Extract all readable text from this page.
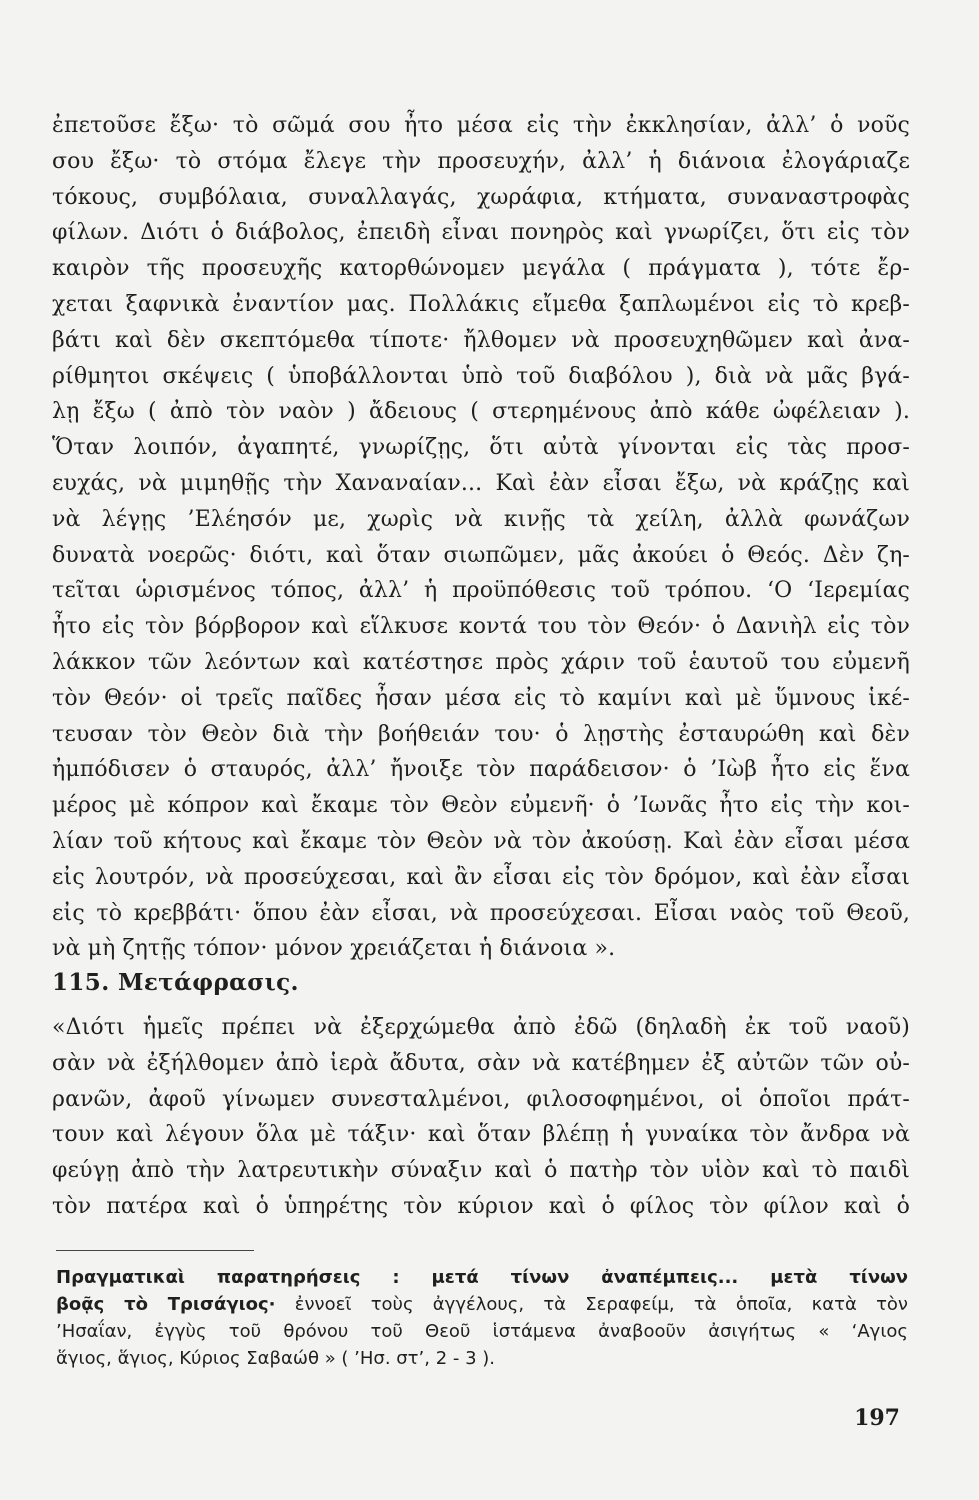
ἐπετοῦσε ἔξω· τὸ σῶμά σου ἦτο μέσα εἰς τὴν ἐκκλησίαν, ἀλλ’ ὁ νοῦς
σου ἔξω· τὸ στόμα ἔλεγε τὴν προσευχήν, ἀλλ’ ἡ διάνοια ἐλογάριαζε
τόκους, συμβόλαια, συναλλαγάς, χωράφια, κτήματα, συναναστροφὰς
φίλων. Διότι ὁ διάβολος, ἐπειδὴ εἶναι πονηρὸς καὶ γνωρίζει, ὅτι εἰς τὸν
καιρὸν τῆς προσευχῆς κατορθώνομεν μεγάλα ( πράγματα ), τότε ἔρ-
χεται ξαφνικὰ ἐναντίον μας. Πολλάκις εἴμεθα ξαπλωμένοι εἰς τὸ κρεβ-
βάτι καὶ δὲν σκεπτόμεθα τίποτε· ἤλθομεν νὰ προσευχηθῶμεν καὶ ἀνα-
ρίθμητοι σκέψεις ( ὑποβάλλονται ὑπὸ τοῦ διαβόλου ), διὰ νὰ μᾶς βγά-
λῃ ἔξω ( ἀπὸ τὸν ναὸν ) ἄδειους ( στερημένους ἀπὸ κάθε ὠφέλειαν ).
Ὅταν λοιπόν, ἀγαπητέ, γνωρίζῃς, ὅτι αὐτὰ γίνονται εἰς τὰς προσ-
ευχάς, νὰ μιμηθῇς τὴν Χαναναίαν... Καὶ ἐὰν εἶσαι ἔξω, νὰ κράζῃς καὶ
νὰ λέγῃς ’Ελέησόν με, χωρὶς νὰ κινῇς τὰ χείλη, ἀλλὰ φωνάζων
δυνατὰ νοερῶς· διότι, καὶ ὅταν σιωπῶμεν, μᾶς ἀκούει ὁ Θεός. Δὲν ζη-
τεῖται ὡρισμένος τόπος, ἀλλ’ ἡ προϋπόθεσις τοῦ τρόπου. ‘Ο ‘Ιερεμίας
ἦτο εἰς τὸν βόρβορον καὶ εἵλκυσε κοντά του τὸν Θεόν· ὁ Δανιὴλ εἰς τὸν
λάκκον τῶν λεόντων καὶ κατέστησε πρὸς χάριν τοῦ ἑαυτοῦ του εὐμενῆ
τὸν Θεόν· οἱ τρεῖς παῖδες ἦσαν μέσα εἰς τὸ καμίνι καὶ μὲ ὕμνους ἱκέ-
τευσαν τὸν Θεὸν διὰ τὴν βοήθειάν του· ὁ λῃστὴς ἐσταυρώθη καὶ δὲν
ἠμπόδισεν ὁ σταυρός, ἀλλ’ ἤνοιξε τὸν παράδεισον· ὁ ’Ιὼβ ἦτο εἰς ἕνα
μέρος μὲ κόπρον καὶ ἔκαμε τὸν Θεὸν εὐμενῆ· ὁ ’Ιωνᾶς ἦτο εἰς τὴν κοι-
λίαν τοῦ κήτους καὶ ἔκαμε τὸν Θεὸν νὰ τὸν ἀκούσῃ. Καὶ ἐὰν εἶσαι μέσα
εἰς λουτρόν, νὰ προσεύχεσαι, καὶ ἂν εἶσαι εἰς τὸν δρόμον, καὶ ἐὰν εἶσαι
εἰς τὸ κρεββάτι· ὅπου ἐὰν εἶσαι, νὰ προσεύχεσαι. Εἶσαι ναὸς τοῦ Θεοῦ,
νὰ μὴ ζητῇς τόπον· μόνον χρειάζεται ἡ διάνοια ».
115. Μετάφρασις.
«Διότι ἡμεῖς πρέπει νὰ ἐξερχώμεθα ἀπὸ ἐδῶ (δηλαδὴ ἐκ τοῦ ναοῦ)
σὰν νὰ ἐξήλθομεν ἀπὸ ἱερὰ ἄδυτα, σὰν νὰ κατέβημεν ἐξ αὐτῶν τῶν οὐ-
ρανῶν, ἀφοῦ γίνωμεν συνεσταλμένοι, φιλοσοφημένοι, οἱ ὁποῖοι πράτ-
τουν καὶ λέγουν ὅλα μὲ τάξιν· καὶ ὅταν βλέπῃ ἡ γυναίκα τὸν ἄνδρα νὰ
φεύγῃ ἀπὸ τὴν λατρευτικὴν σύναξιν καὶ ὁ πατὴρ τὸν υἱὸν καὶ τὸ παιδὶ
τὸν πατέρα καὶ ὁ ὑπηρέτης τὸν κύριον καὶ ὁ φίλος τὸν φίλον καὶ ὁ
Πραγματικαὶ παρατηρήσεις : μετά τίνων ἀναπέμπεις... μετὰ τίνων
βοᾷς τὸ Τρισάγιος· ἐννοεῖ τοὺς ἀγγέλους, τὰ Σεραφείμ, τὰ ὁποῖα, κατὰ τὸν
’Ησαΐαν, ἐγγὺς τοῦ θρόνου τοῦ Θεοῦ ἱστάμενα ἀναβοοῦν ἀσιγήτως « ‘Αγιος
ἅγιος, ἅγιος, Κύριος Σαβαώθ » ( ’Ησ. στ’, 2 - 3 ).
197
